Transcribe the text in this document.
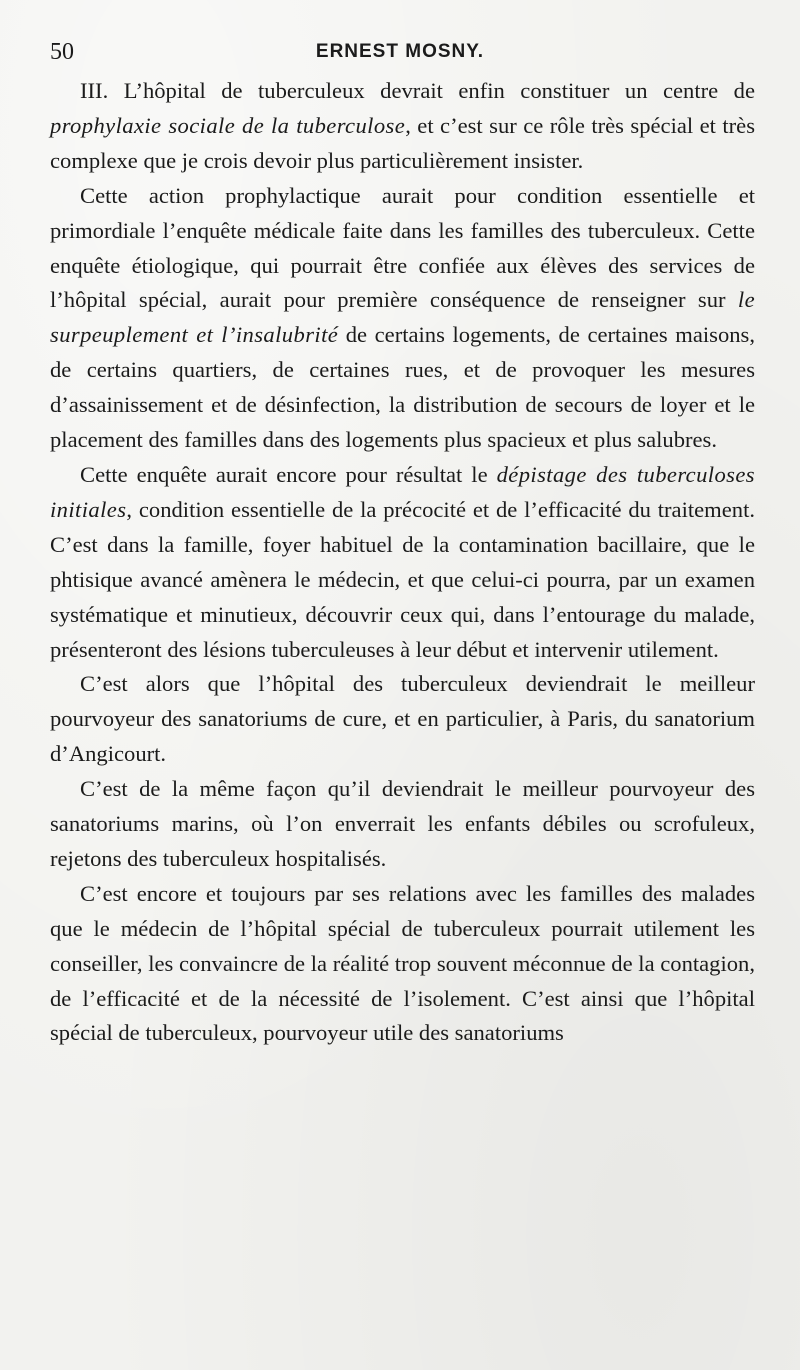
50	ERNEST MOSNY.

III. L’hôpital de tuberculeux devrait enfin constituer un centre de prophylaxie sociale de la tuberculose, et c’est sur ce rôle très spécial et très complexe que je crois devoir plus particulièrement insister.

Cette action prophylactique aurait pour condition essentielle et primordiale l’enquête médicale faite dans les familles des tuberculeux. Cette enquête étiologique, qui pourrait être confiée aux élèves des services de l’hôpital spécial, aurait pour première conséquence de renseigner sur le surpeuplement et l’insalubrité de certains logements, de certaines maisons, de certains quartiers, de certaines rues, et de provoquer les mesures d’assainissement et de désinfection, la distribution de secours de loyer et le placement des familles dans des logements plus spacieux et plus salubres.

Cette enquête aurait encore pour résultat le dépistage des tuberculoses initiales, condition essentielle de la précocité et de l’efficacité du traitement. C’est dans la famille, foyer habituel de la contamination bacillaire, que le phtisique avancé amènera le médecin, et que celui-ci pourra, par un examen systématique et minutieux, découvrir ceux qui, dans l’entourage du malade, présenteront des lésions tuberculeuses à leur début et intervenir utilement.

C’est alors que l’hôpital des tuberculeux deviendrait le meilleur pourvoyeur des sanatoriums de cure, et en particulier, à Paris, du sanatorium d’Angicourt.

C’est de la même façon qu’il deviendrait le meilleur pourvoyeur des sanatoriums marins, où l’on enverrait les enfants débiles ou scrofuleux, rejetons des tuberculeux hospitalisés.

C’est encore et toujours par ses relations avec les familles des malades que le médecin de l’hôpital spécial de tuberculeux pourrait utilement les conseiller, les convaincre de la réalité trop souvent méconnue de la contagion, de l’efficacité et de la nécessité de l’isolement. C’est ainsi que l’hôpital spécial de tuberculeux, pourvoyeur utile des sanatoriums
